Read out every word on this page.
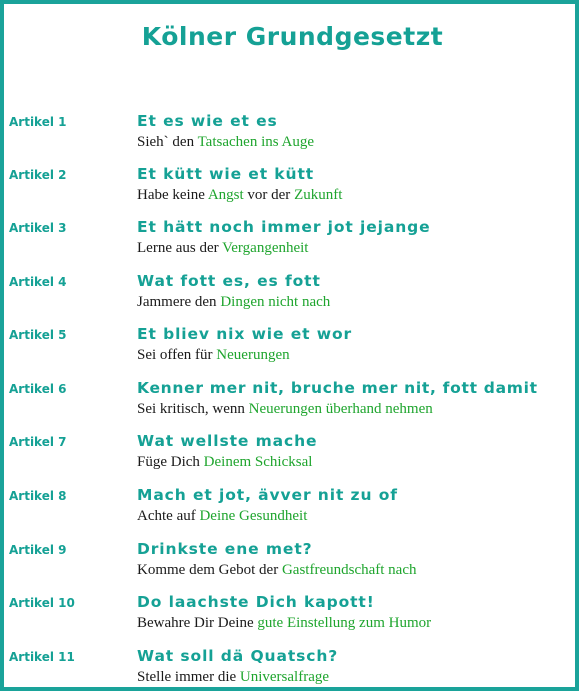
Kölner Grundgesetzt
Artikel 1	Et es wie et es
Sieh` den Tatsachen ins Auge
Artikel 2	Et kütt wie et kütt
Habe keine Angst vor der Zukunft
Artikel 3	Et hätt noch immer jot jejange
Lerne aus der Vergangenheit
Artikel 4	Wat fott es, es fott
Jammere den Dingen nicht nach
Artikel 5	Et bliev nix wie et wor
Sei offen für Neuerungen
Artikel 6	Kenner mer nit, bruche mer nit, fott damit
Sei kritisch, wenn Neuerungen überhand nehmen
Artikel 7	Wat wellste mache
Füge Dich Deinem Schicksal
Artikel 8	Mach et jot, ävver nit zu of
Achte auf Deine Gesundheit
Artikel 9	Drinkste ene met?
Komme dem Gebot der Gastfreundschaft nach
Artikel 10	Do laachste Dich kapott!
Bewahre Dir Deine gute Einstellung zum Humor
Artikel 11	Wat soll dä Quatsch?
Stelle immer die Universalfrage
